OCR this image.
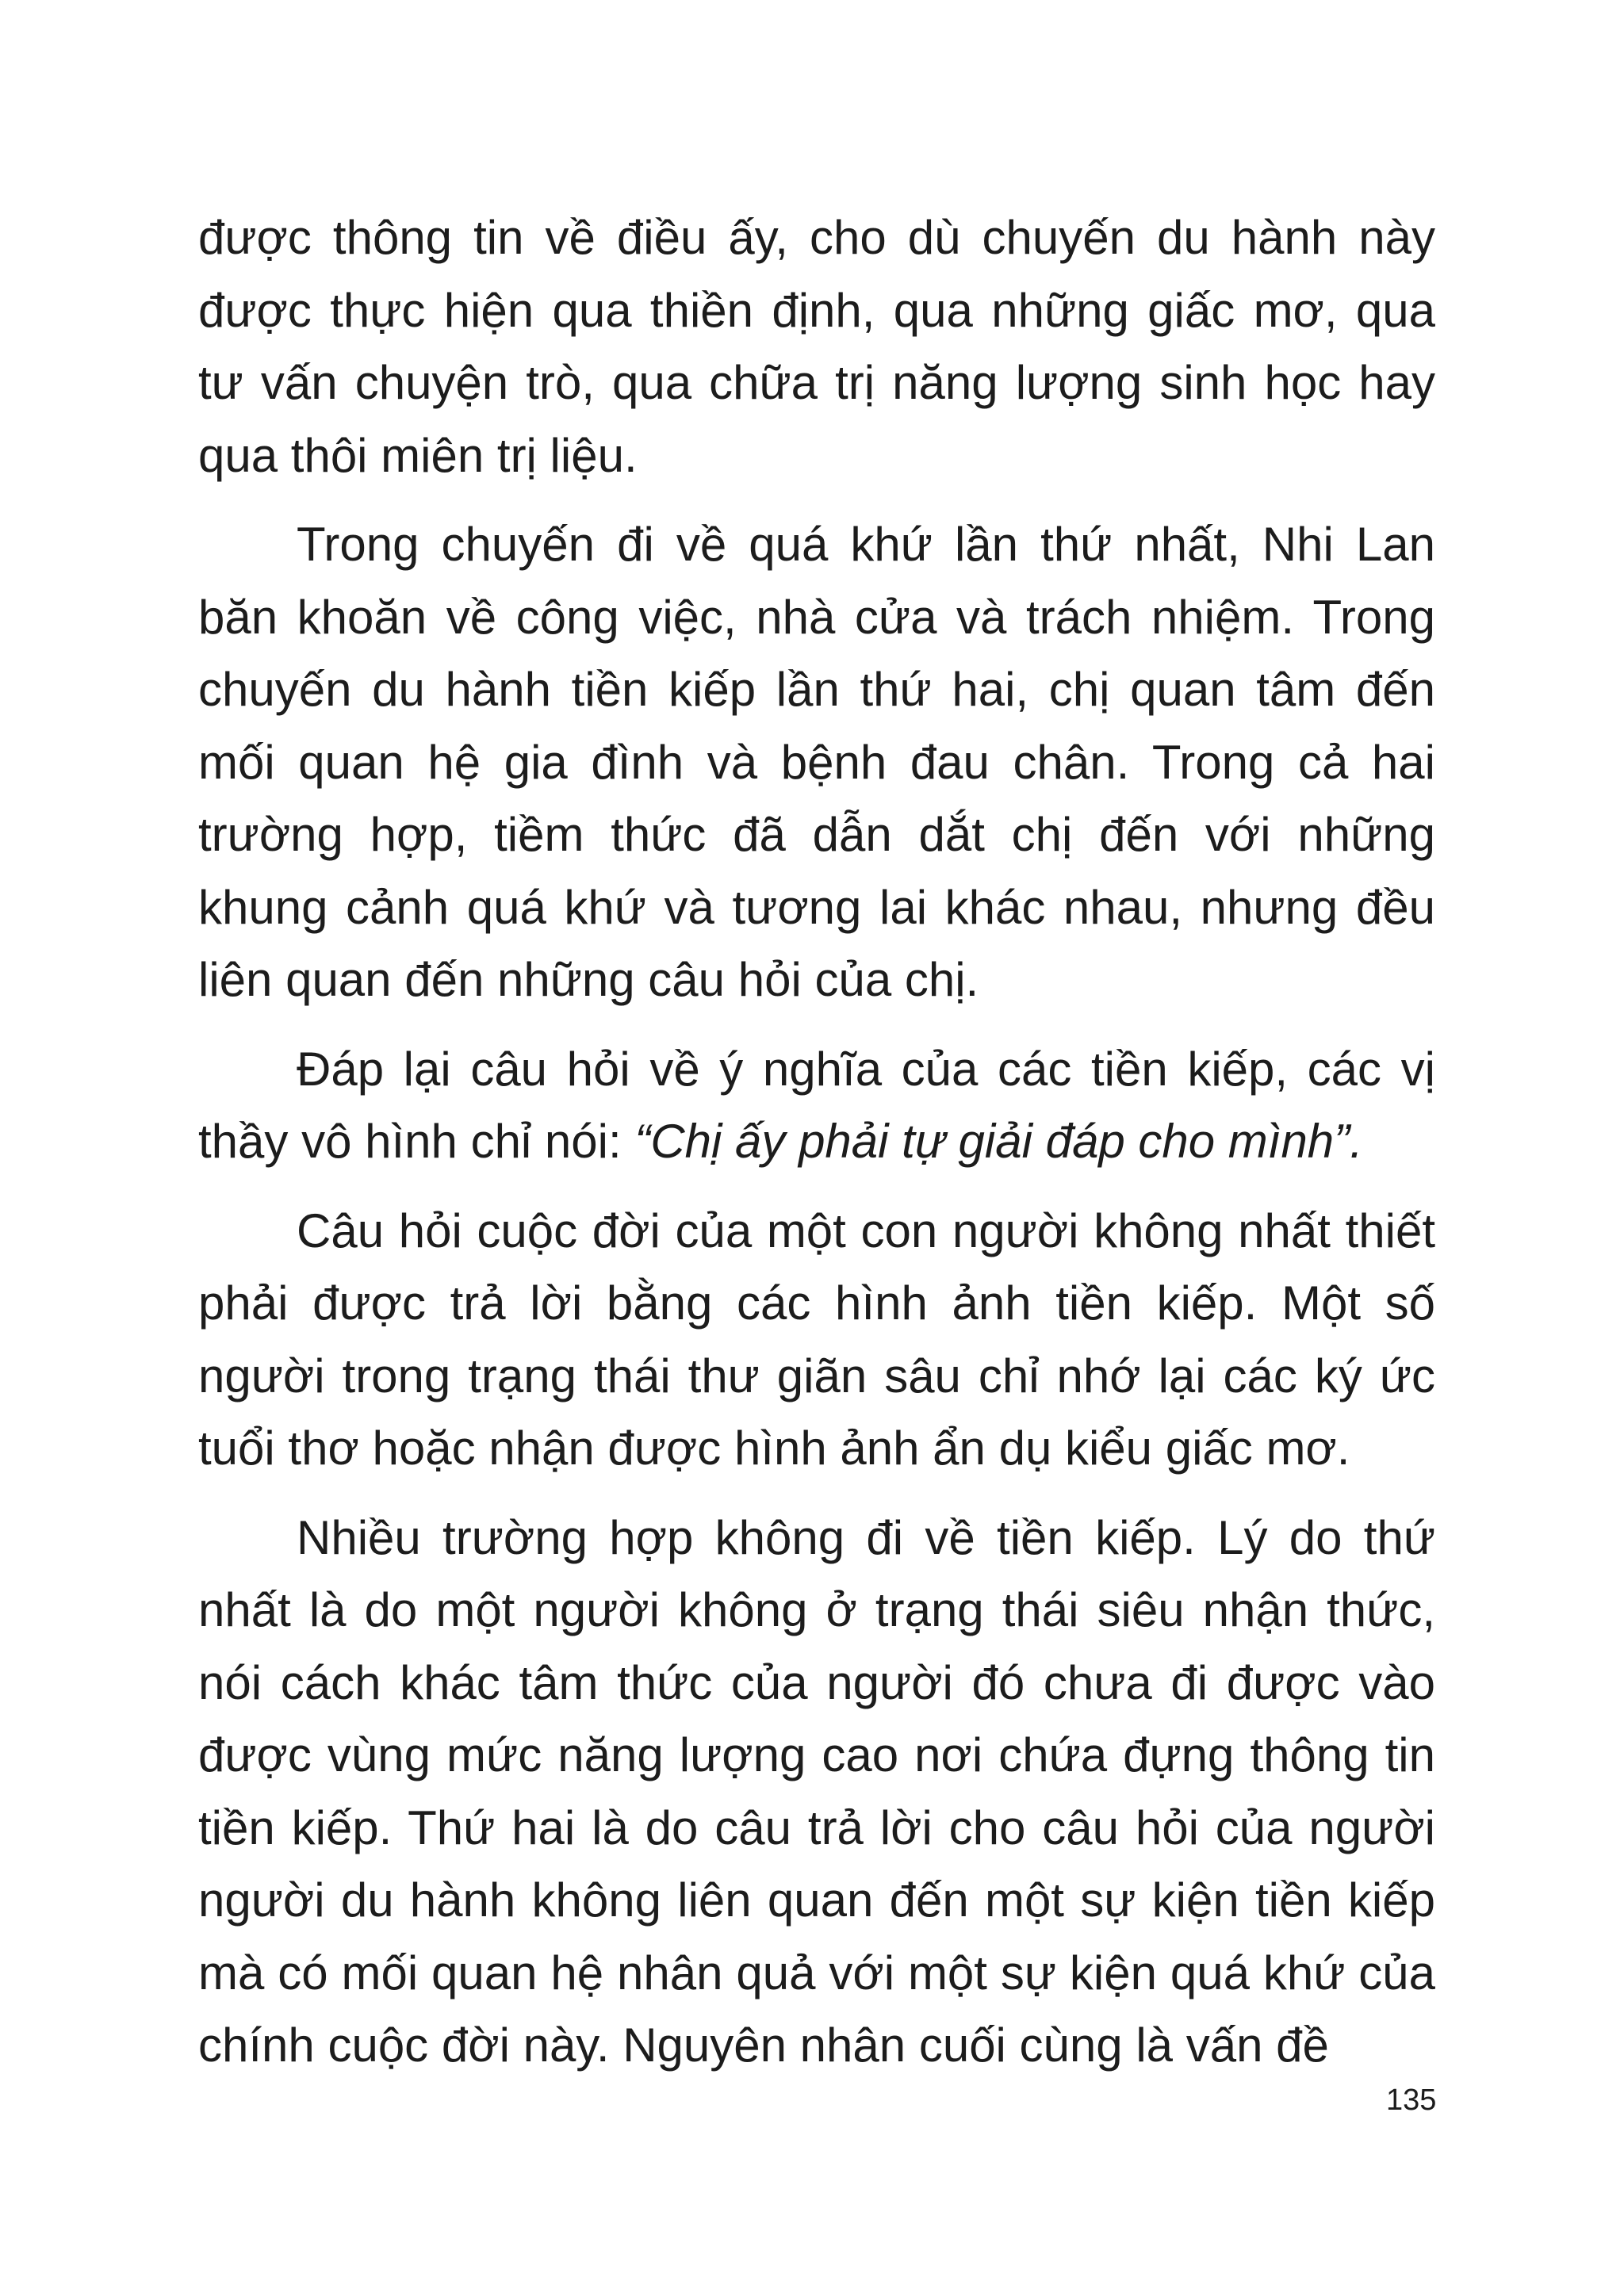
được thông tin về điều ấy, cho dù chuyến du hành này được thực hiện qua thiền định, qua những giấc mơ, qua tư vấn chuyện trò, qua chữa trị năng lượng sinh học hay qua thôi miên trị liệu.

Trong chuyến đi về quá khứ lần thứ nhất, Nhi Lan băn khoăn về công việc, nhà cửa và trách nhiệm. Trong chuyến du hành tiền kiếp lần thứ hai, chị quan tâm đến mối quan hệ gia đình và bệnh đau chân. Trong cả hai trường hợp, tiềm thức đã dẫn dắt chị đến với những khung cảnh quá khứ và tương lai khác nhau, nhưng đều liên quan đến những câu hỏi của chị.

Đáp lại câu hỏi về ý nghĩa của các tiền kiếp, các vị thầy vô hình chỉ nói: “Chị ấy phải tự giải đáp cho mình”.

Câu hỏi cuộc đời của một con người không nhất thiết phải được trả lời bằng các hình ảnh tiền kiếp. Một số người trong trạng thái thư giãn sâu chỉ nhớ lại các ký ức tuổi thơ hoặc nhận được hình ảnh ẩn dụ kiểu giấc mơ.

Nhiều trường hợp không đi về tiền kiếp. Lý do thứ nhất là do một người không ở trạng thái siêu nhận thức, nói cách khác tâm thức của người đó chưa đi được vào được vùng mức năng lượng cao nơi chứa đựng thông tin tiền kiếp. Thứ hai là do câu trả lời cho câu hỏi của người người du hành không liên quan đến một sự kiện tiền kiếp mà có mối quan hệ nhân quả với một sự kiện quá khứ của chính cuộc đời này. Nguyên nhân cuối cùng là vấn đề

135
